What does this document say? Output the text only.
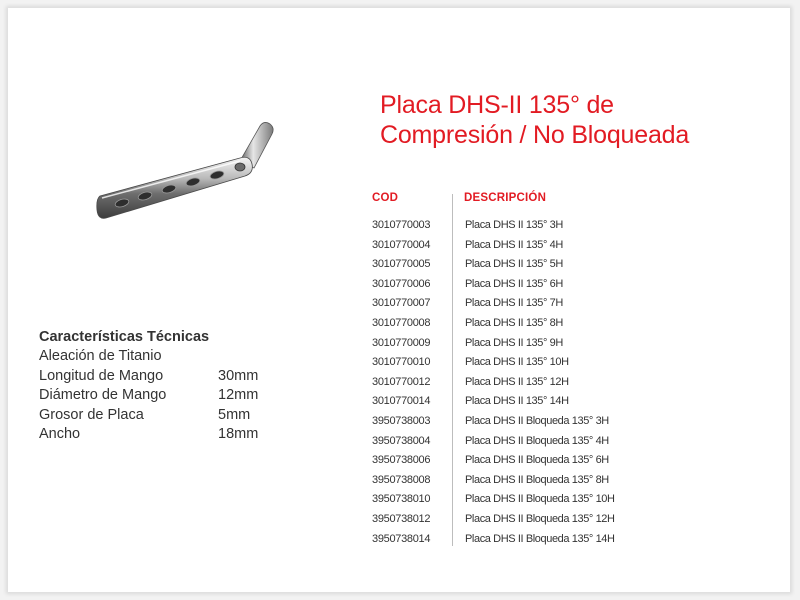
Placa DHS-II 135° de
Compresión / No Bloqueada
COD	DESCRIPCIÓN
3010770003	Placa DHS II 135° 3H
3010770004	Placa DHS II 135° 4H
3010770005	Placa DHS II 135° 5H
3010770006	Placa DHS II 135° 6H
3010770007	Placa DHS II 135° 7H
3010770008	Placa DHS II 135° 8H
3010770009	Placa DHS II 135° 9H
3010770010	Placa DHS II 135° 10H
3010770012	Placa DHS II 135° 12H
3010770014	Placa DHS II 135° 14H
3950738003	Placa DHS II Bloqueda 135° 3H
3950738004	Placa DHS II Bloqueda 135° 4H
3950738006	Placa DHS II Bloqueda 135° 6H
3950738008	Placa DHS II Bloqueda 135° 8H
3950738010	Placa DHS II Bloqueda 135° 10H
3950738012	Placa DHS II Bloqueda 135° 12H
3950738014	Placa DHS II Bloqueda 135° 14H
Características Técnicas
Aleación de Titanio
Longitud de Mango	30mm
Diámetro de Mango	12mm
Grosor de Placa	5mm
Ancho	18mm
